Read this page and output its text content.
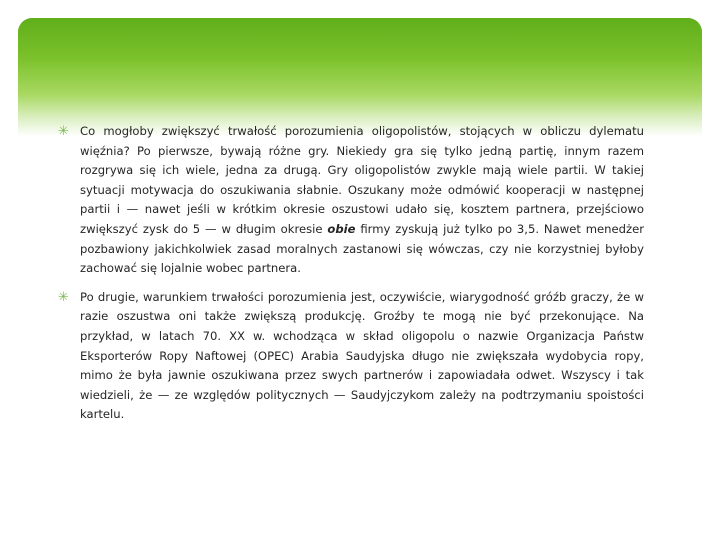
✳ Co mogłoby zwiększyć trwałość porozumienia oligopolistów, stojących w obliczu dylematu więźnia? Po pierwsze, bywają różne gry. Niekiedy gra się tylko jedną partię, innym razem rozgrywa się ich wiele, jedna za drugą. Gry oligopolistów zwykle mają wiele partii. W takiej sytuacji motywacja do oszukiwania słabnie. Oszukany może odmówić kooperacji w następnej partii i — nawet jeśli w krótkim okresie oszustowi udało się, kosztem partnera, przejściowo zwiększyć zysk do 5 — w długim okresie obie firmy zyskują już tylko po 3,5. Nawet menedżer pozbawiony jakichkolwiek zasad moralnych zastanowi się wówczas, czy nie korzystniej byłoby zachować się lojalnie wobec partnera.
✳ Po drugie, warunkiem trwałości porozumienia jest, oczywiście, wiarygodność gróźb graczy, że w razie oszustwa oni także zwiększą produkcję. Groźby te mogą nie być przekonujące. Na przykład, w latach 70. XX w. wchodząca w skład oligopolu o nazwie Organizacja Państw Eksporterów Ropy Naftowej (OPEC) Arabia Saudyjska długo nie zwiększała wydobycia ropy, mimo że była jawnie oszukiwana przez swych partnerów i zapowiadała odwet. Wszyscy i tak wiedzieli, że — ze względów politycznych — Saudyjczykom zależy na podtrzymaniu spoistości kartelu.
